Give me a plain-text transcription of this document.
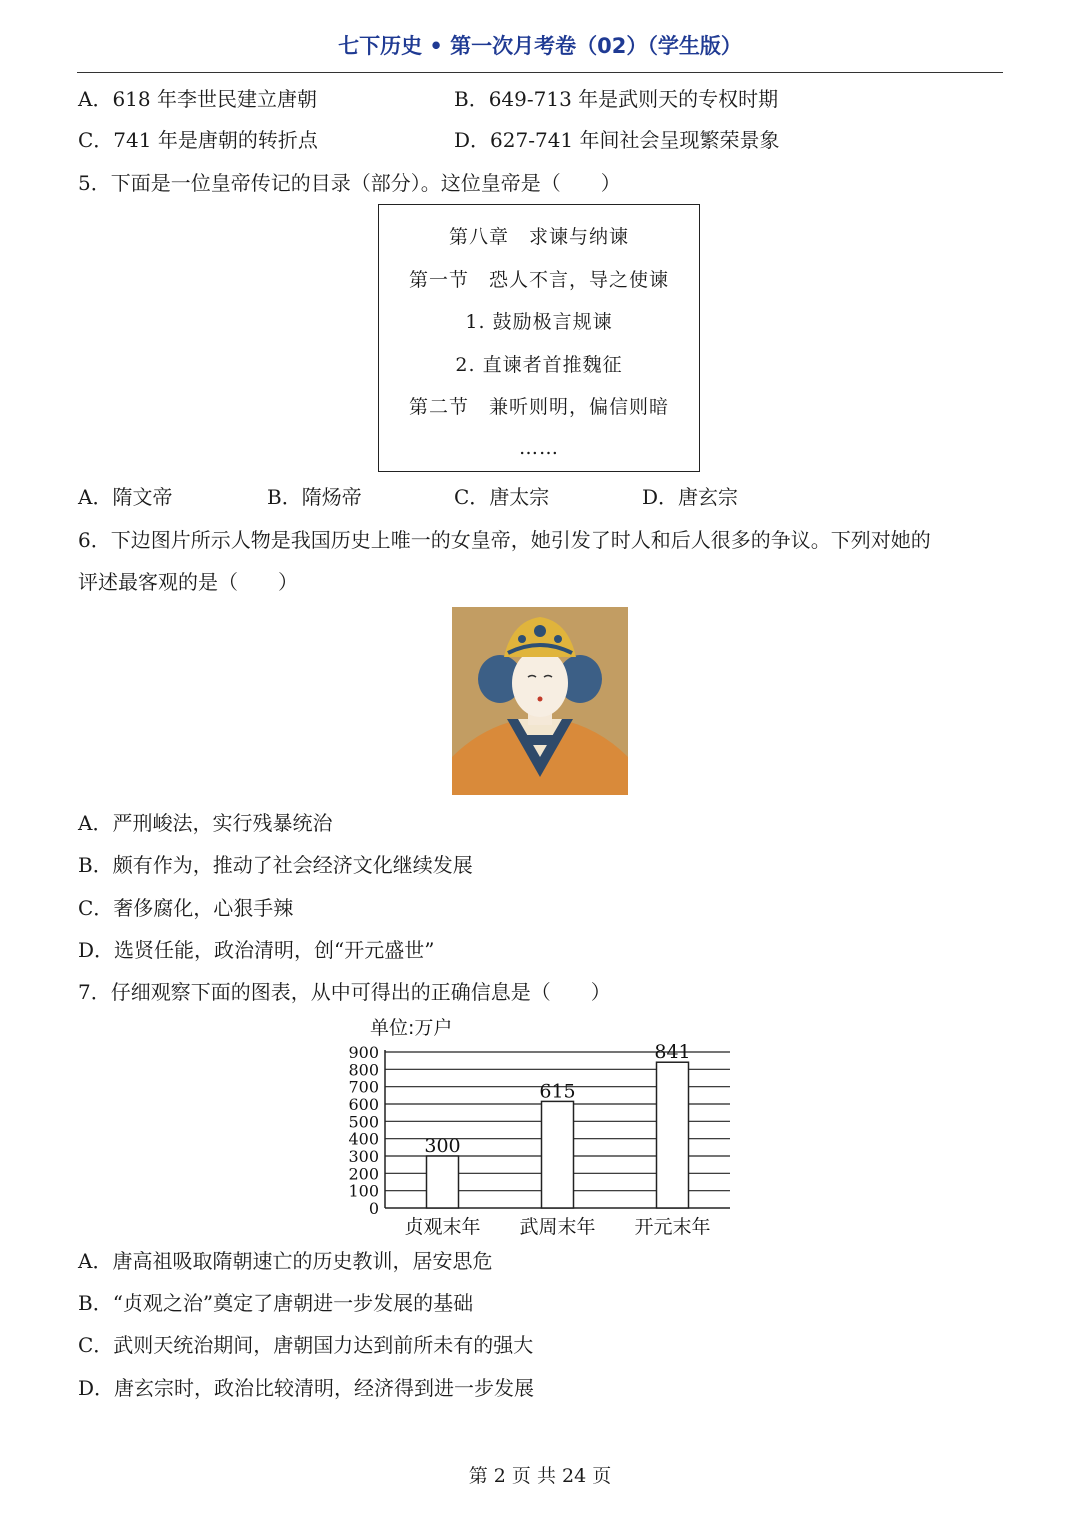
七下历史 • 第一次月考卷（02）（学生版）
A．618 年李世民建立唐朝	B．649-713 年是武则天的专权时期
C．741 年是唐朝的转折点	D．627-741 年间社会呈现繁荣景象
5．下面是一位皇帝传记的目录（部分）。这位皇帝是（　　）
第八章　求谏与纳谏
第一节　恐人不言，导之使谏
1. 鼓励极言规谏
2. 直谏者首推魏征
第二节　兼听则明，偏信则暗
……
A．隋文帝	B．隋炀帝	C．唐太宗	D．唐玄宗
6．下边图片所示人物是我国历史上唯一的女皇帝，她引发了时人和后人很多的争议。下列对她的
评述最客观的是（　　）
A．严刑峻法，实行残暴统治
B．颇有作为，推动了社会经济文化继续发展
C．奢侈腐化，心狠手辣
D．选贤任能，政治清明，创“开元盛世”
7．仔细观察下面的图表，从中可得出的正确信息是（　　）
单位:万户
0
100
200
300
400
500
600
700
800
900
300
贞观末年
615
武周末年
841
开元末年
A．唐高祖吸取隋朝速亡的历史教训，居安思危
B．“贞观之治”奠定了唐朝进一步发展的基础
C．武则天统治期间，唐朝国力达到前所未有的强大
D．唐玄宗时，政治比较清明，经济得到进一步发展
第 2 页 共 24 页
